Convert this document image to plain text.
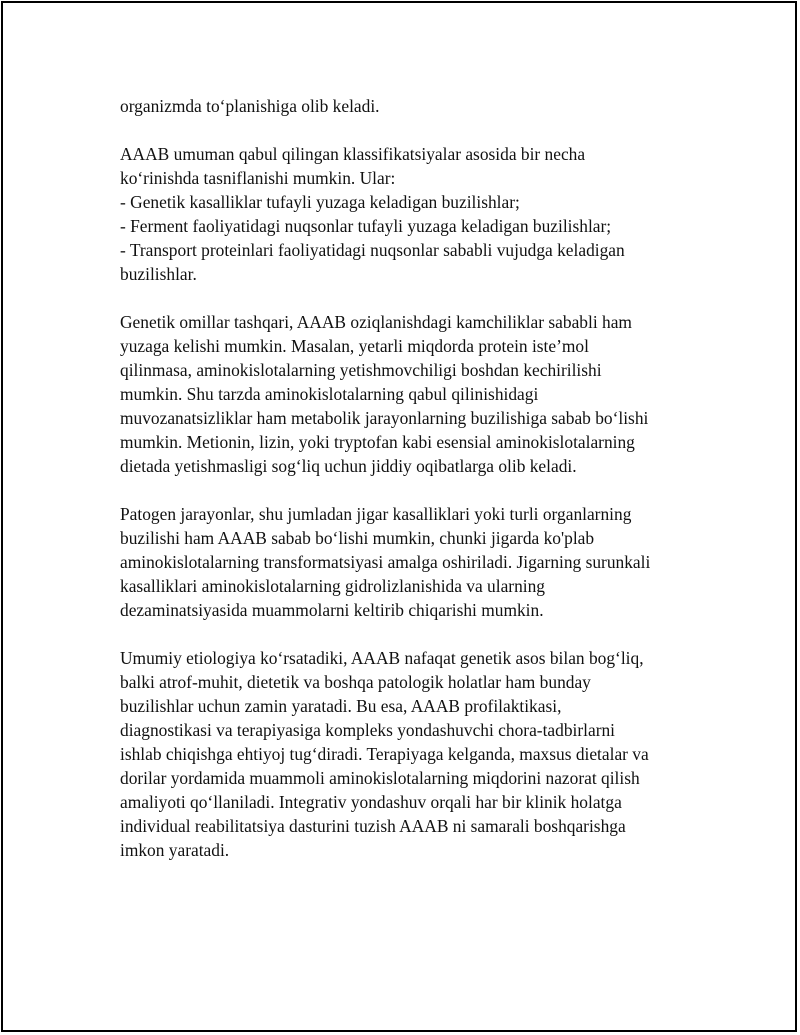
organizmda to‘planishiga olib keladi.

AAAB umuman qabul qilingan klassifikatsiyalar asosida bir necha
ko‘rinishda tasniflanishi mumkin. Ular:
- Genetik kasalliklar tufayli yuzaga keladigan buzilishlar;
- Ferment faoliyatidagi nuqsonlar tufayli yuzaga keladigan buzilishlar;
- Transport proteinlari faoliyatidagi nuqsonlar sababli vujudga keladigan
buzilishlar.

Genetik omillar tashqari, AAAB oziqlanishdagi kamchiliklar sababli ham
yuzaga kelishi mumkin. Masalan, yetarli miqdorda protein iste’mol
qilinmasa, aminokislotalarning yetishmovchiligi boshdan kechirilishi
mumkin. Shu tarzda aminokislotalarning qabul qilinishidagi
muvozanatsizliklar ham metabolik jarayonlarning buzilishiga sabab bo‘lishi
mumkin. Metionin, lizin, yoki tryptofan kabi esensial aminokislotalarning
dietada yetishmasligi sog‘liq uchun jiddiy oqibatlarga olib keladi.

Patogen jarayonlar, shu jumladan jigar kasalliklari yoki turli organlarning
buzilishi ham AAAB sabab bo‘lishi mumkin, chunki jigarda ko'plab
aminokislotalarning transformatsiyasi amalga oshiriladi. Jigarning surunkali
kasalliklari aminokislotalarning gidrolizlanishida va ularning
dezaminatsiyasida muammolarni keltirib chiqarishi mumkin.

Umumiy etiologiya ko‘rsatadiki, AAAB nafaqat genetik asos bilan bog‘liq,
balki atrof-muhit, dietetik va boshqa patologik holatlar ham bunday
buzilishlar uchun zamin yaratadi. Bu esa, AAAB profilaktikasi,
diagnostikasi va terapiyasiga kompleks yondashuvchi chora-tadbirlarni
ishlab chiqishga ehtiyoj tug‘diradi. Terapiyaga kelganda, maxsus dietalar va
dorilar yordamida muammoli aminokislotalarning miqdorini nazorat qilish
amaliyoti qo‘llaniladi. Integrativ yondashuv orqali har bir klinik holatga
individual reabilitatsiya dasturini tuzish AAAB ni samarali boshqarishga
imkon yaratadi.
